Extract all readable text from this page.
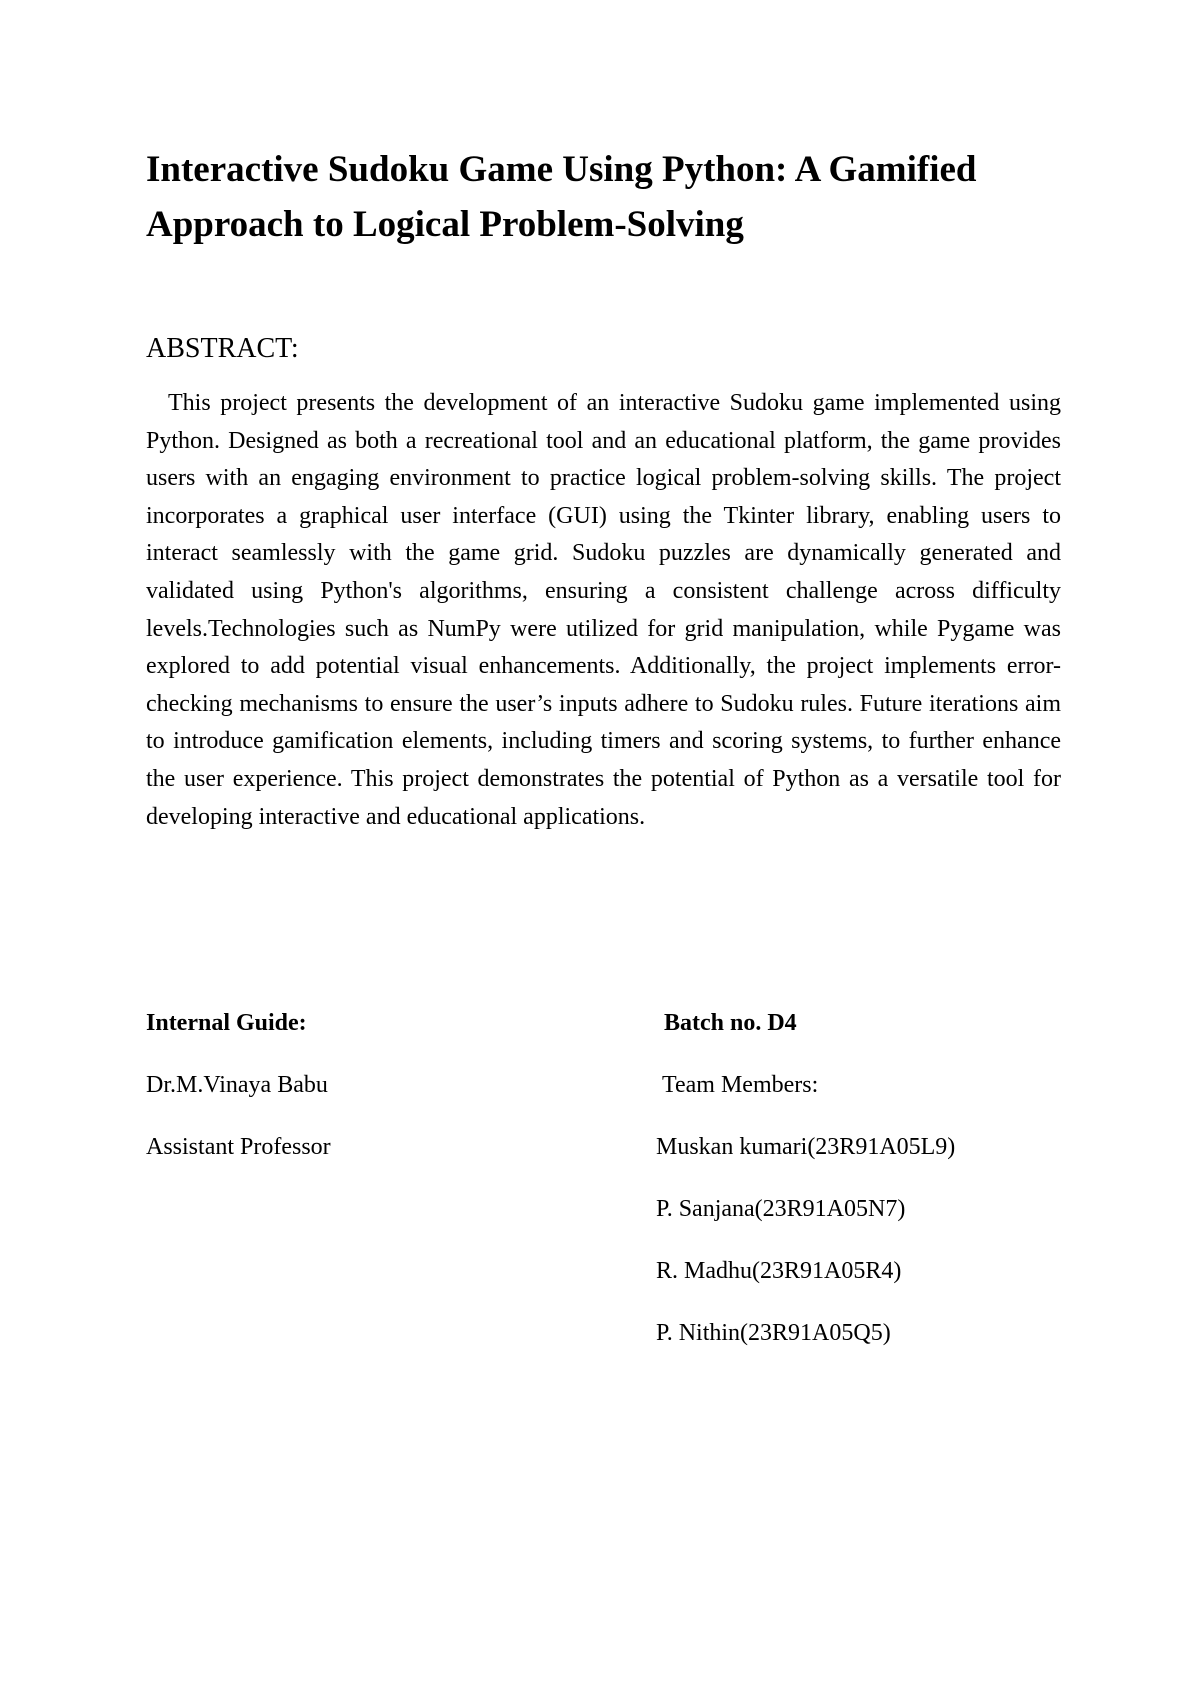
Interactive Sudoku Game Using Python: A Gamified Approach to Logical Problem-Solving
ABSTRACT:

This project presents the development of an interactive Sudoku game implemented using Python. Designed as both a recreational tool and an educational platform, the game provides users with an engaging environment to practice logical problem-solving skills. The project incorporates a graphical user interface (GUI) using the Tkinter library, enabling users to interact seamlessly with the game grid. Sudoku puzzles are dynamically generated and validated using Python's algorithms, ensuring a consistent challenge across difficulty levels.Technologies such as NumPy were utilized for grid manipulation, while Pygame was explored to add potential visual enhancements. Additionally, the project implements error-checking mechanisms to ensure the user’s inputs adhere to Sudoku rules. Future iterations aim to introduce gamification elements, including timers and scoring systems, to further enhance the user experience. This project demonstrates the potential of Python as a versatile tool for developing interactive and educational applications.

Internal Guide:

Dr.M.Vinaya Babu

Assistant Professor

Batch no. D4

Team Members:

Muskan kumari(23R91A05L9)

P. Sanjana(23R91A05N7)

R. Madhu(23R91A05R4)

P. Nithin(23R91A05Q5)
